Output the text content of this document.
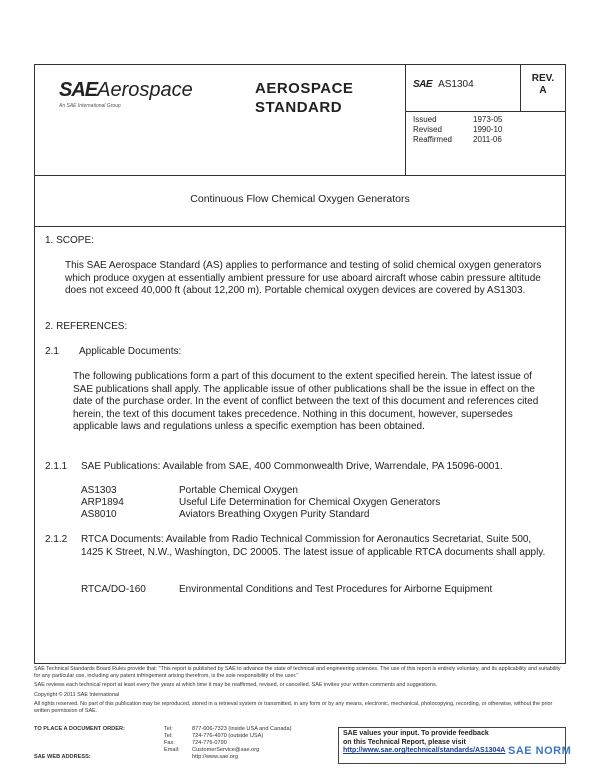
SAEAerospace
An SAE International Group
AEROSPACE
STANDARD
SAE AS1304
REV.
A
Issued	1973-05
Revised	1990-10
Reaffirmed	2011-06
Continuous Flow Chemical Oxygen Generators
1. SCOPE:
This SAE Aerospace Standard (AS) applies to performance and testing of solid chemical oxygen generators which produce oxygen at essentially ambient pressure for use aboard aircraft whose cabin pressure altitude does not exceed 40,000 ft (about 12,200 m). Portable chemical oxygen devices are covered by AS1303.
2. REFERENCES:
2.1 Applicable Documents:
The following publications form a part of this document to the extent specified herein. The latest issue of SAE publications shall apply. The applicable issue of other publications shall be the issue in effect on the date of the purchase order. In the event of conflict between the text of this document and references cited herein, the text of this document takes precedence. Nothing in this document, however, supersedes applicable laws and regulations unless a specific exemption has been obtained.
2.1.1 SAE Publications: Available from SAE, 400 Commonwealth Drive, Warrendale, PA 15096-0001.
AS1303	Portable Chemical Oxygen
ARP1894	Useful Life Determination for Chemical Oxygen Generators
AS8010	Aviators Breathing Oxygen Purity Standard
2.1.2 RTCA Documents: Available from Radio Technical Commission for Aeronautics Secretariat, Suite 500, 1425 K Street, N.W., Washington, DC 20005. The latest issue of applicable RTCA documents shall apply.
RTCA/DO-160	Environmental Conditions and Test Procedures for Airborne Equipment

SAE Technical Standards Board Rules provide that: "This report is published by SAE to advance the state of technical and engineering sciences. The use of this report is entirely voluntary, and its applicability and suitability for any particular use, including any patent infringement arising therefrom, is the sole responsibility of the user."

SAE reviews each technical report at least every five years at which time it may be reaffirmed, revised, or cancelled. SAE invites your written comments and suggestions.

Copyright © 2011 SAE International

All rights reserved. No part of this publication may be reproduced, stored in a retrieval system or transmitted, in any form or by any means, electronic, mechanical, photocopying, recording, or otherwise, without the prior written permission of SAE.

TO PLACE A DOCUMENT ORDER:	Tel:	877-606-7323 (inside USA and Canada)
Tel:	724-776-4970 (outside USA)
Fax:	724-776-0790
Email:	CustomerService@sae.org
SAE WEB ADDRESS:	http://www.sae.org
SAE values your input. To provide feedback
on this Technical Report, please visit
http://www.sae.org/technical/standards/AS1304A SAE NORM
